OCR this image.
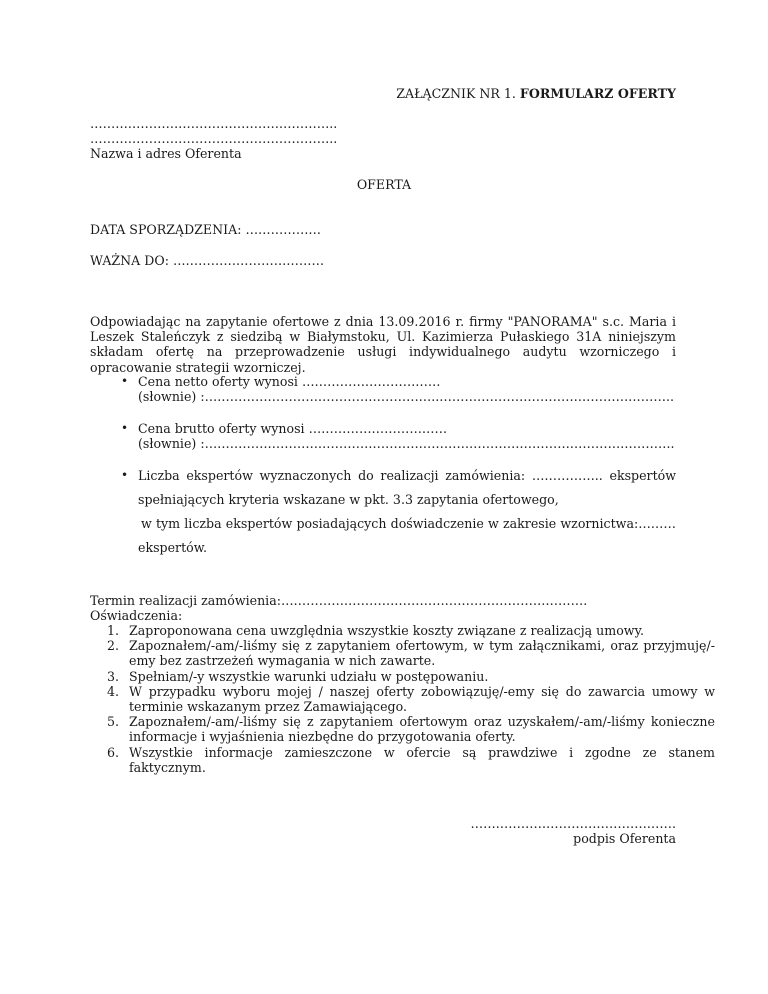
ZAŁĄCZNIK NR 1. FORMULARZ OFERTY
…………………………………………………..
…………………………………………………..
Nazwa i adres Oferenta
OFERTA
DATA SPORZĄDZENIA: ………………
WAŻNA DO: ………………………………
Odpowiadając na zapytanie ofertowe z dnia 13.09.2016 r. firmy "PANORAMA" s.c. Maria i Leszek Staleńczyk z siedzibą w Białymstoku, Ul. Kazimierza Pułaskiego 31A niniejszym składam ofertę na przeprowadzenie usługi indywidualnego audytu wzorniczego i opracowanie strategii wzorniczej.
• Cena netto oferty wynosi ……………………………
(słownie) :………………………………………………..………………………………………………..
• Cena brutto oferty wynosi ……………………………
(słownie) :………………………………………………………………………………………………….
• Liczba ekspertów wyznaczonych do realizacji zamówienia: …………….. ekspertów
spełniających kryteria wskazane w pkt. 3.3 zapytania ofertowego,
w tym liczba ekspertów posiadających doświadczenie w zakresie wzornictwa:………
ekspertów.
Termin realizacji zamówienia:……………………………………………………………….
Oświadczenia:
1. Zaproponowana cena uwzględnia wszystkie koszty związane z realizacją umowy.
2. Zapoznałem/-am/-liśmy się z zapytaniem ofertowym, w tym załącznikami, oraz przyjmuję/-emy bez zastrzeżeń wymagania w nich zawarte.
3. Spełniam/-y wszystkie warunki udziału w postępowaniu.
4. W przypadku wyboru mojej / naszej oferty zobowiązuję/-emy się do zawarcia umowy w terminie wskazanym przez Zamawiającego.
5. Zapoznałem/-am/-liśmy się z zapytaniem ofertowym oraz uzyskałem/-am/-liśmy konieczne informacje i wyjaśnienia niezbędne do przygotowania oferty.
6. Wszystkie informacje zamieszczone w ofercie są prawdziwe i zgodne ze stanem faktycznym.
………………………………………….
podpis Oferenta
